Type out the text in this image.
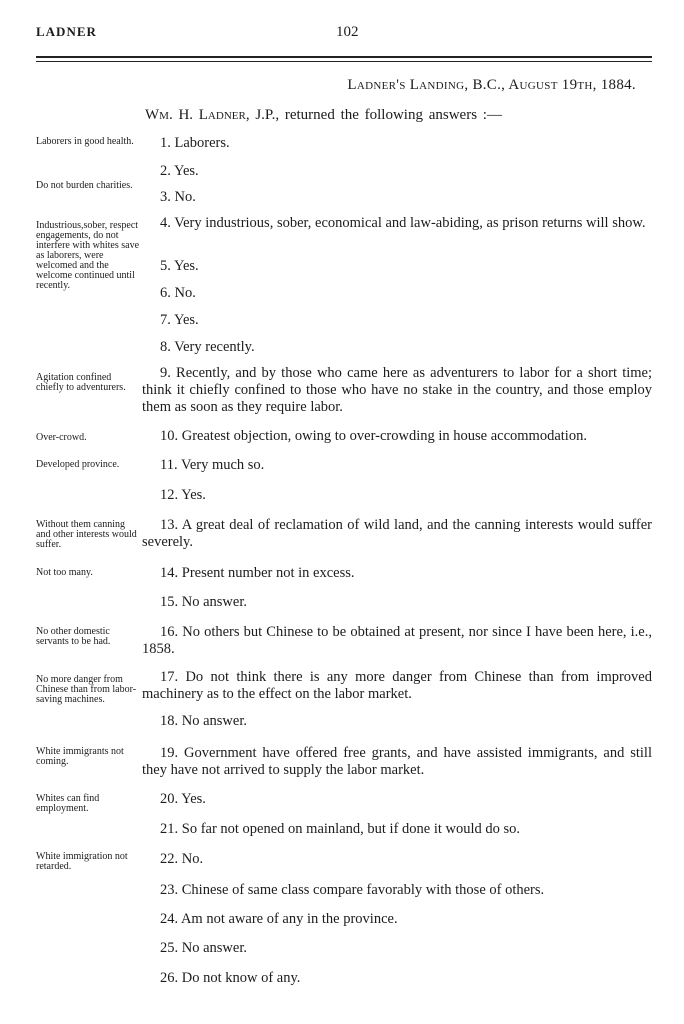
LADNER	102
Ladner's Landing, B.C., August 19th, 1884.
Wm. H. Ladner, J.P., returned the following answers :—
Laborers in good health.
Do not burden charities.
Industrious,sober, respect engagements, do not interfere with whites save as laborers, were welcomed and the welcome continued until recently.
Agitation confined chiefly to adventurers.
Over-crowd.
Developed province.
Without them canning and other interests would suffer.
Not too many.
No other domestic servants to be had.
No more danger from Chinese than from labor-saving machines.
White immigrants not coming.
Whites can find employment.
White immigration not retarded.
1. Laborers.
2. Yes.
3. No.
4. Very industrious, sober, economical and law-abiding, as prison returns will show.
5. Yes.
6. No.
7. Yes.
8. Very recently.
9. Recently, and by those who came here as adventurers to labor for a short time; think it chiefly confined to those who have no stake in the country, and those employ them as soon as they require labor.
10. Greatest objection, owing to over-crowding in house accommodation.
11. Very much so.
12. Yes.
13. A great deal of reclamation of wild land, and the canning interests would suffer severely.
14. Present number not in excess.
15. No answer.
16. No others but Chinese to be obtained at present, nor since I have been here, i.e., 1858.
17. Do not think there is any more danger from Chinese than from improved machinery as to the effect on the labor market.
18. No answer.
19. Government have offered free grants, and have assisted immigrants, and still they have not arrived to supply the labor market.
20. Yes.
21. So far not opened on mainland, but if done it would do so.
22. No.
23. Chinese of same class compare favorably with those of others.
24. Am not aware of any in the province.
25. No answer.
26. Do not know of any.
